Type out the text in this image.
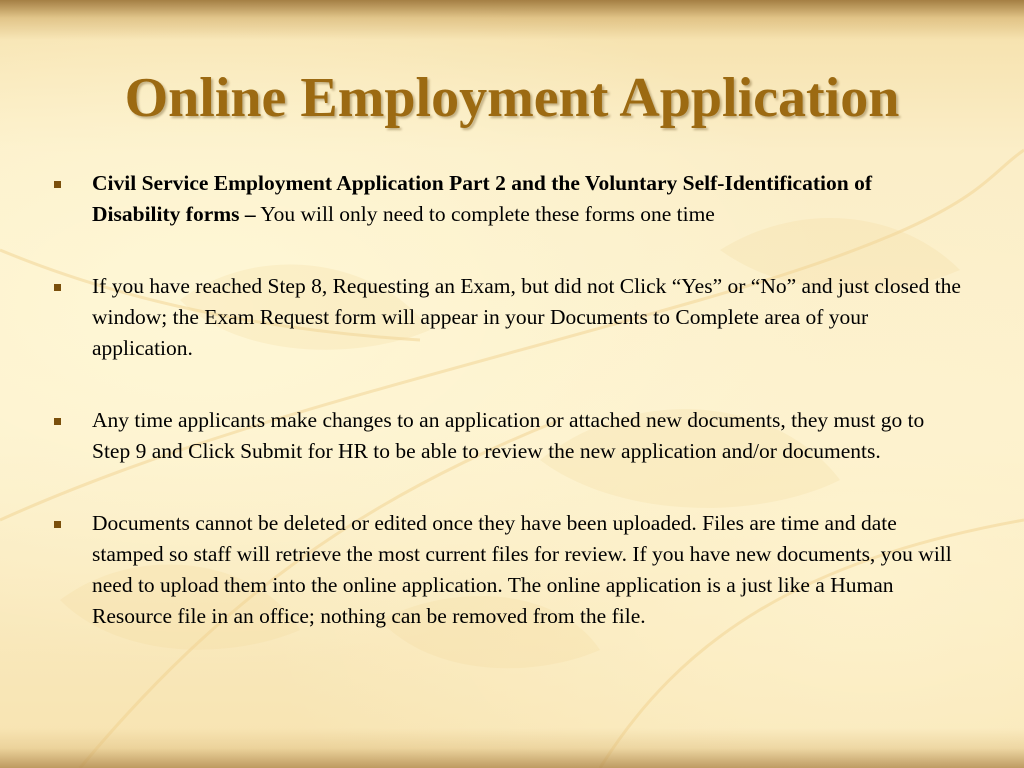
Online Employment Application
Civil Service Employment Application Part 2 and the Voluntary Self-Identification of Disability forms – You will only need to complete these forms one time
If you have reached Step 8, Requesting an Exam, but did not Click “Yes” or “No” and just closed the window; the Exam Request form will appear in your Documents to Complete area of your application.
Any time applicants make changes to an application or attached new documents, they must go to Step 9 and Click Submit for HR to be able to review the new application and/or documents.
Documents cannot be deleted or edited once they have been uploaded. Files are time and date stamped so staff will retrieve the most current files for review. If you have new documents, you will need to upload them into the online application. The online application is a just like a Human Resource file in an office; nothing can be removed from the file.
